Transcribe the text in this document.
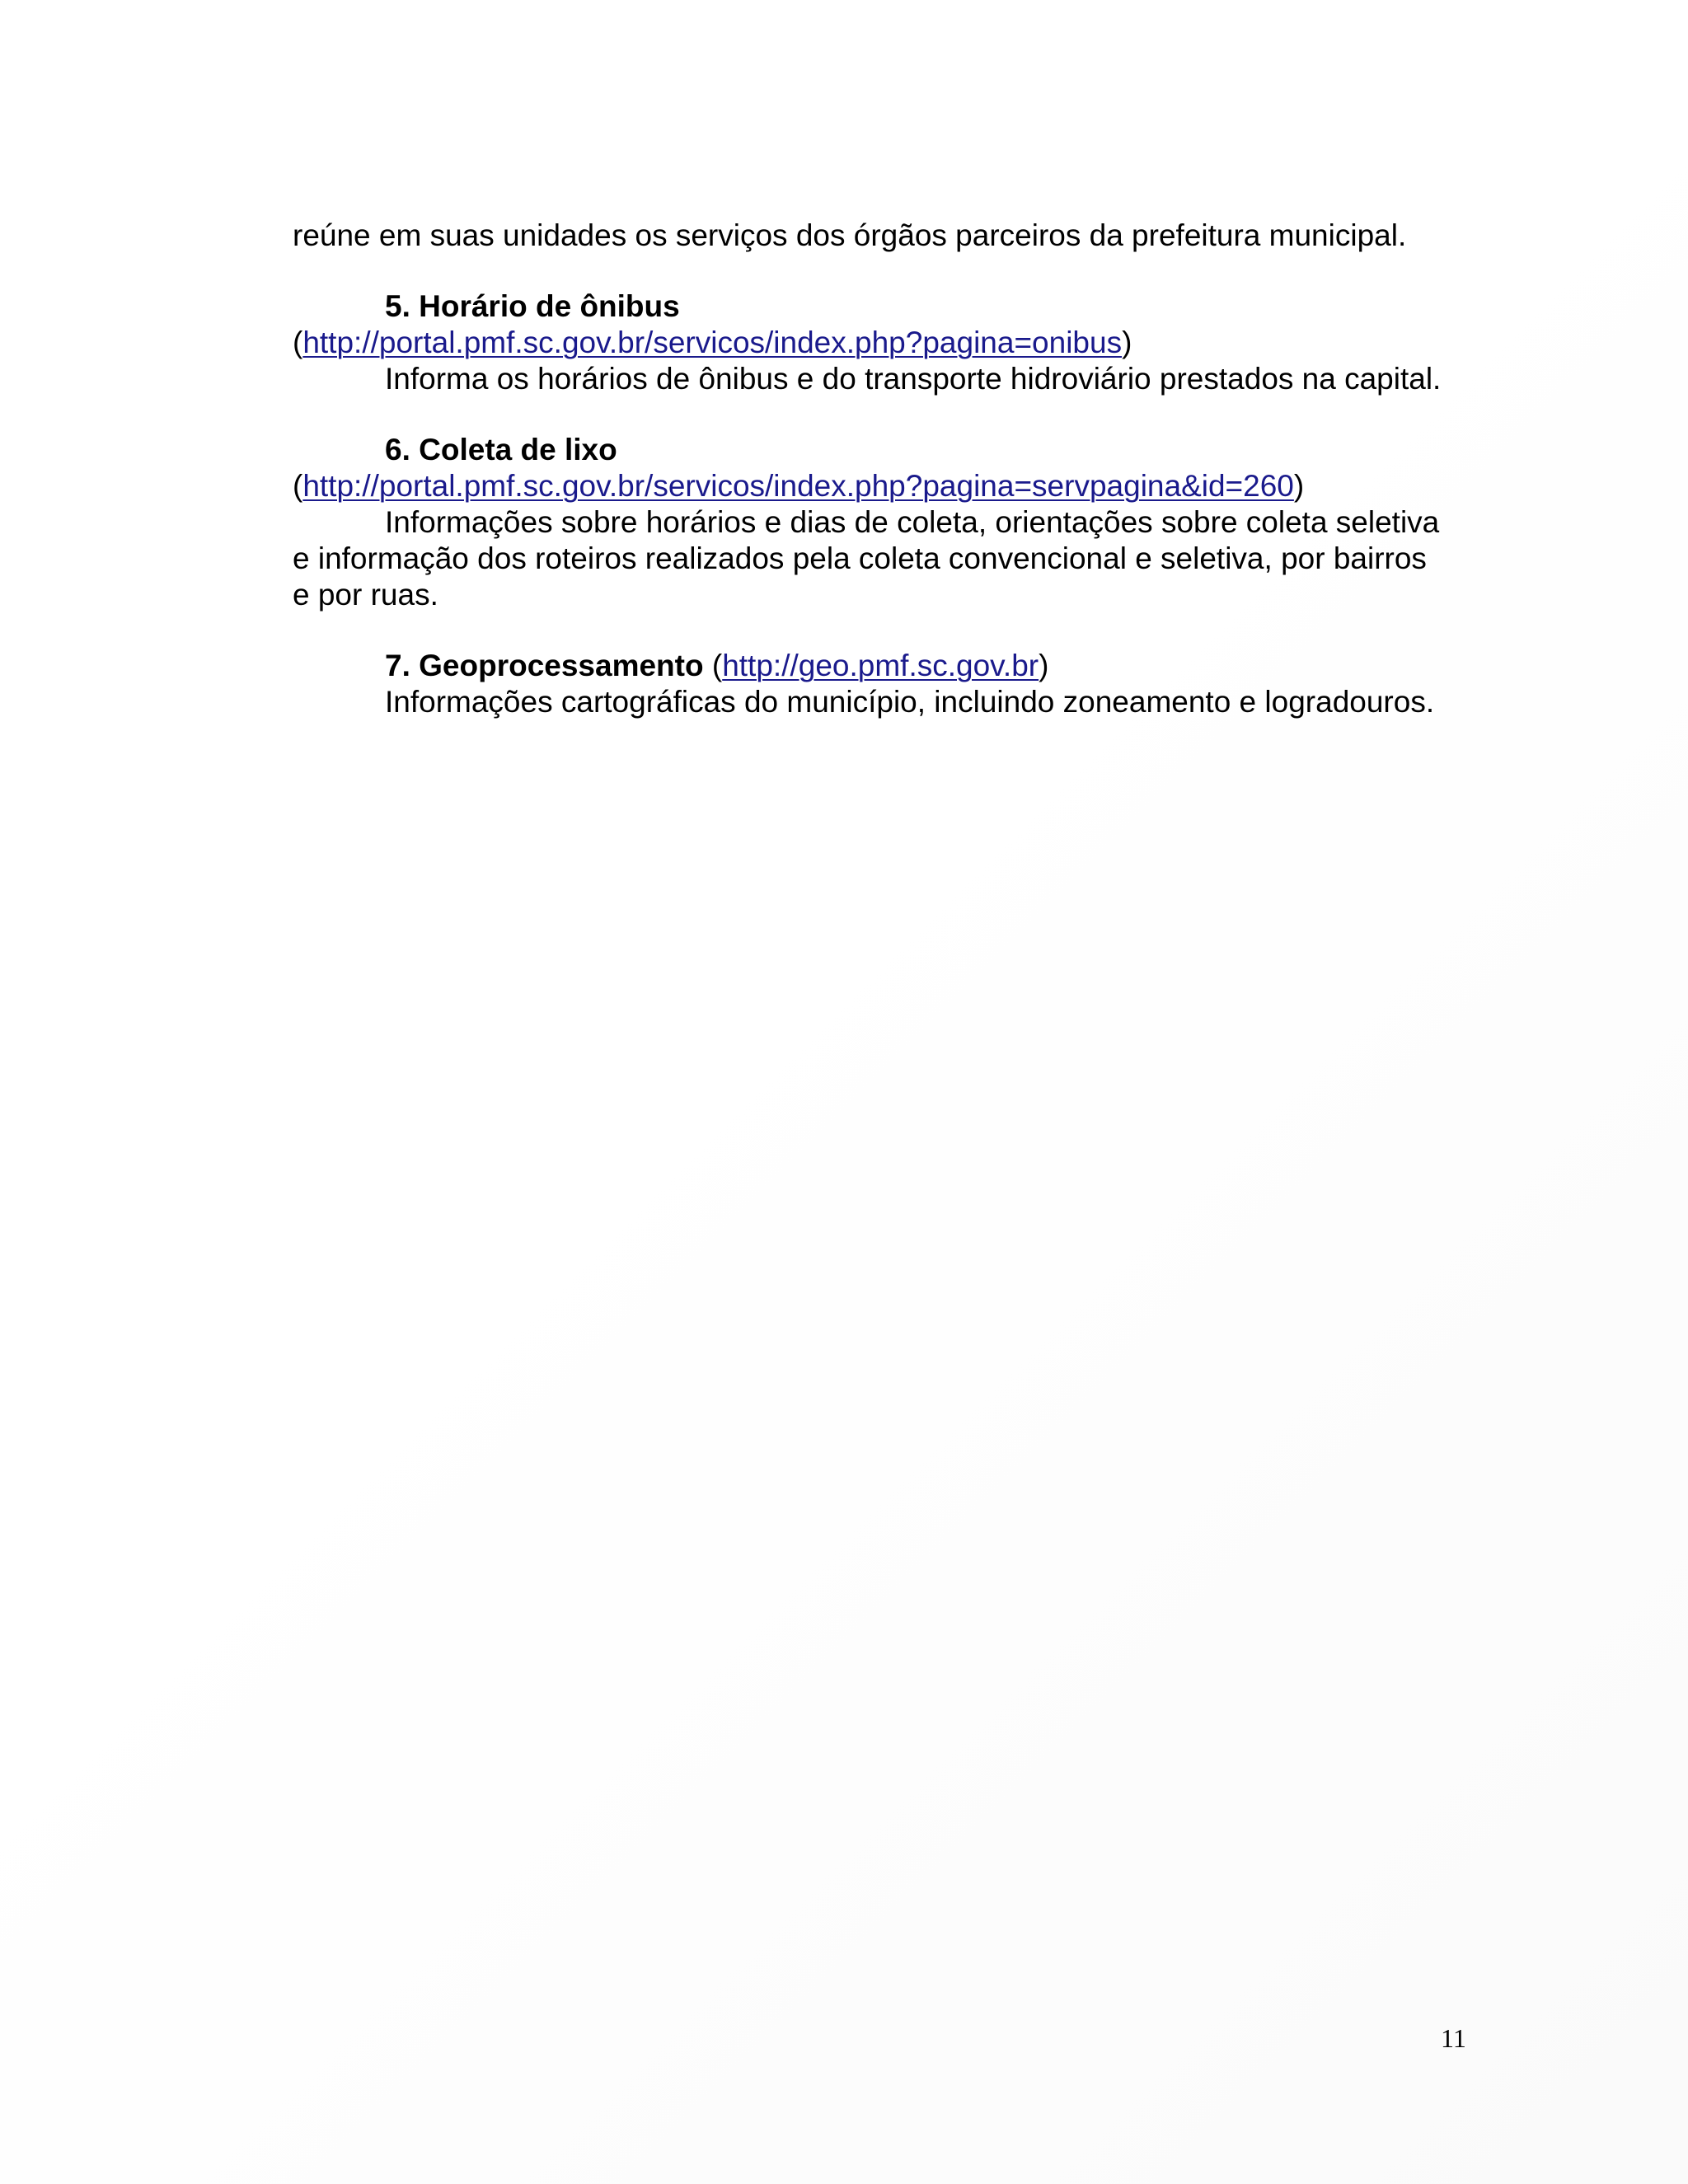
reúne em suas unidades os serviços dos órgãos parceiros da prefeitura municipal.

5. Horário de ônibus

(http://portal.pmf.sc.gov.br/servicos/index.php?pagina=onibus)

Informa os horários de ônibus e do transporte hidroviário prestados na capital.

6. Coleta de lixo

(http://portal.pmf.sc.gov.br/servicos/index.php?pagina=servpagina&id=260)

Informações sobre horários e dias de coleta, orientações sobre coleta seletiva

e informação dos roteiros realizados pela coleta convencional e seletiva, por bairros

e por ruas.

7. Geoprocessamento (http://geo.pmf.sc.gov.br)

Informações cartográficas do município, incluindo zoneamento e logradouros.

11
